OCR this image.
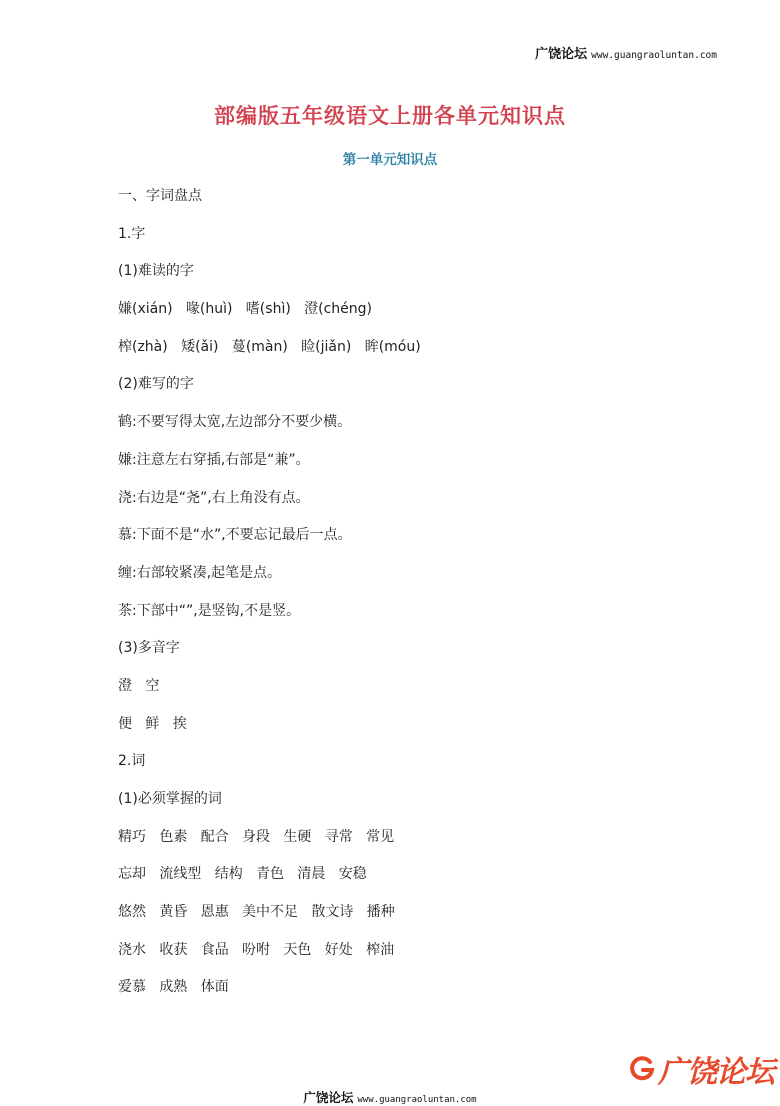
广饶论坛 www.guangraoluntan.com
部编版五年级语文上册各单元知识点
第一单元知识点
一、字词盘点
1.字
(1)难读的字
嫌(xián)   喙(huì)   嗜(shì)   澄(chéng)
榨(zhà)   矮(ǎi)   蔓(màn)   睑(jiǎn)   眸(móu)
(2)难写的字
鹤:不要写得太宽,左边部分不要少横。
嫌:注意左右穿插,右部是“兼”。
浇:右边是“尧”,右上角没有点。
慕:下面不是“水”,不要忘记最后一点。
缠:右部较紧凑,起笔是点。
茶:下部中“”,是竖钩,不是竖。
(3)多音字
澄   空
便   鲜   挨
2.词
(1)必须掌握的词
精巧   色素   配合   身段   生硬   寻常   常见
忘却   流线型   结构   青色   清晨   安稳
悠然   黄昏   恩惠   美中不足   散文诗   播种
浇水   收获   食品   吩咐   天色   好处   榨油
爱慕   成熟   体面
广饶论坛 www.guangraoluntan.com
广饶论坛
